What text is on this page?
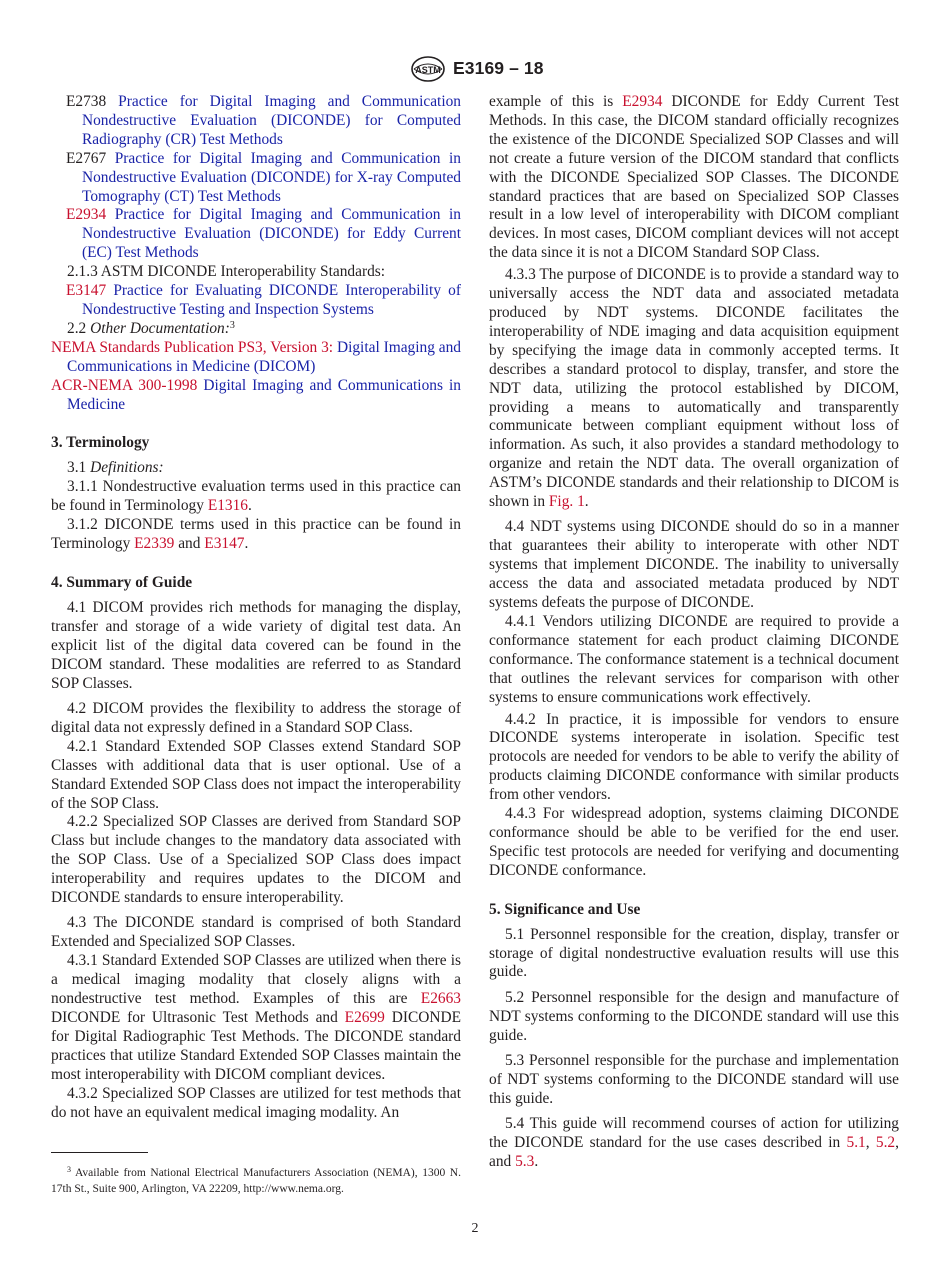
ASTM E3169 – 18

E2738 Practice for Digital Imaging and Communication Nondestructive Evaluation (DICONDE) for Computed Radiography (CR) Test Methods

E2767 Practice for Digital Imaging and Communication in Nondestructive Evaluation (DICONDE) for X-ray Computed Tomography (CT) Test Methods

E2934 Practice for Digital Imaging and Communication in Nondestructive Evaluation (DICONDE) for Eddy Current (EC) Test Methods

2.1.3 ASTM DICONDE Interoperability Standards:

E3147 Practice for Evaluating DICONDE Interoperability of Nondestructive Testing and Inspection Systems

2.2 Other Documentation:$^3$

NEMA Standards Publication PS3, Version 3: Digital Imaging and Communications in Medicine (DICOM)

ACR-NEMA 300-1998 Digital Imaging and Communications in Medicine

3. Terminology

3.1 Definitions:

3.1.1 Nondestructive evaluation terms used in this practice can be found in Terminology E1316.

3.1.2 DICONDE terms used in this practice can be found in Terminology E2339 and E3147.

4. Summary of Guide

4.1 DICOM provides rich methods for managing the display, transfer and storage of a wide variety of digital test data. An explicit list of the digital data covered can be found in the DICOM standard. These modalities are referred to as Standard SOP Classes.

4.2 DICOM provides the flexibility to address the storage of digital data not expressly defined in a Standard SOP Class.

4.2.1 Standard Extended SOP Classes extend Standard SOP Classes with additional data that is user optional. Use of a Standard Extended SOP Class does not impact the interoperability of the SOP Class.

4.2.2 Specialized SOP Classes are derived from Standard SOP Class but include changes to the mandatory data associated with the SOP Class. Use of a Specialized SOP Class does impact interoperability and requires updates to the DICOM and DICONDE standards to ensure interoperability.

4.3 The DICONDE standard is comprised of both Standard Extended and Specialized SOP Classes.

4.3.1 Standard Extended SOP Classes are utilized when there is a medical imaging modality that closely aligns with a nondestructive test method. Examples of this are E2663 DICONDE for Ultrasonic Test Methods and E2699 DICONDE for Digital Radiographic Test Methods. The DICONDE standard practices that utilize Standard Extended SOP Classes maintain the most interoperability with DICOM compliant devices.

4.3.2 Specialized SOP Classes are utilized for test methods that do not have an equivalent medical imaging modality. An

$^3$ Available from National Electrical Manufacturers Association (NEMA), 1300 N. 17th St., Suite 900, Arlington, VA 22209, http://www.nema.org.

example of this is E2934 DICONDE for Eddy Current Test Methods. In this case, the DICOM standard officially recognizes the existence of the DICONDE Specialized SOP Classes and will not create a future version of the DICOM standard that conflicts with the DICONDE Specialized SOP Classes. The DICONDE standard practices that are based on Specialized SOP Classes result in a low level of interoperability with DICOM compliant devices. In most cases, DICOM compliant devices will not accept the data since it is not a DICOM Standard SOP Class.

4.3.3 The purpose of DICONDE is to provide a standard way to universally access the NDT data and associated metadata produced by NDT systems. DICONDE facilitates the interoperability of NDE imaging and data acquisition equipment by specifying the image data in commonly accepted terms. It describes a standard protocol to display, transfer, and store the NDT data, utilizing the protocol established by DICOM, providing a means to automatically and transparently communicate between compliant equipment without loss of information. As such, it also provides a standard methodology to organize and retain the NDT data. The overall organization of ASTM’s DICONDE standards and their relationship to DICOM is shown in Fig. 1.

4.4 NDT systems using DICONDE should do so in a manner that guarantees their ability to interoperate with other NDT systems that implement DICONDE. The inability to universally access the data and associated metadata produced by NDT systems defeats the purpose of DICONDE.

4.4.1 Vendors utilizing DICONDE are required to provide a conformance statement for each product claiming DICONDE conformance. The conformance statement is a technical document that outlines the relevant services for comparison with other systems to ensure communications work effectively.

4.4.2 In practice, it is impossible for vendors to ensure DICONDE systems interoperate in isolation. Specific test protocols are needed for vendors to be able to verify the ability of products claiming DICONDE conformance with similar products from other vendors.

4.4.3 For widespread adoption, systems claiming DICONDE conformance should be able to be verified for the end user. Specific test protocols are needed for verifying and documenting DICONDE conformance.

5. Significance and Use

5.1 Personnel responsible for the creation, display, transfer or storage of digital nondestructive evaluation results will use this guide.

5.2 Personnel responsible for the design and manufacture of NDT systems conforming to the DICONDE standard will use this guide.

5.3 Personnel responsible for the purchase and implementation of NDT systems conforming to the DICONDE standard will use this guide.

5.4 This guide will recommend courses of action for utilizing the DICONDE standard for the use cases described in 5.1, 5.2, and 5.3.

2
